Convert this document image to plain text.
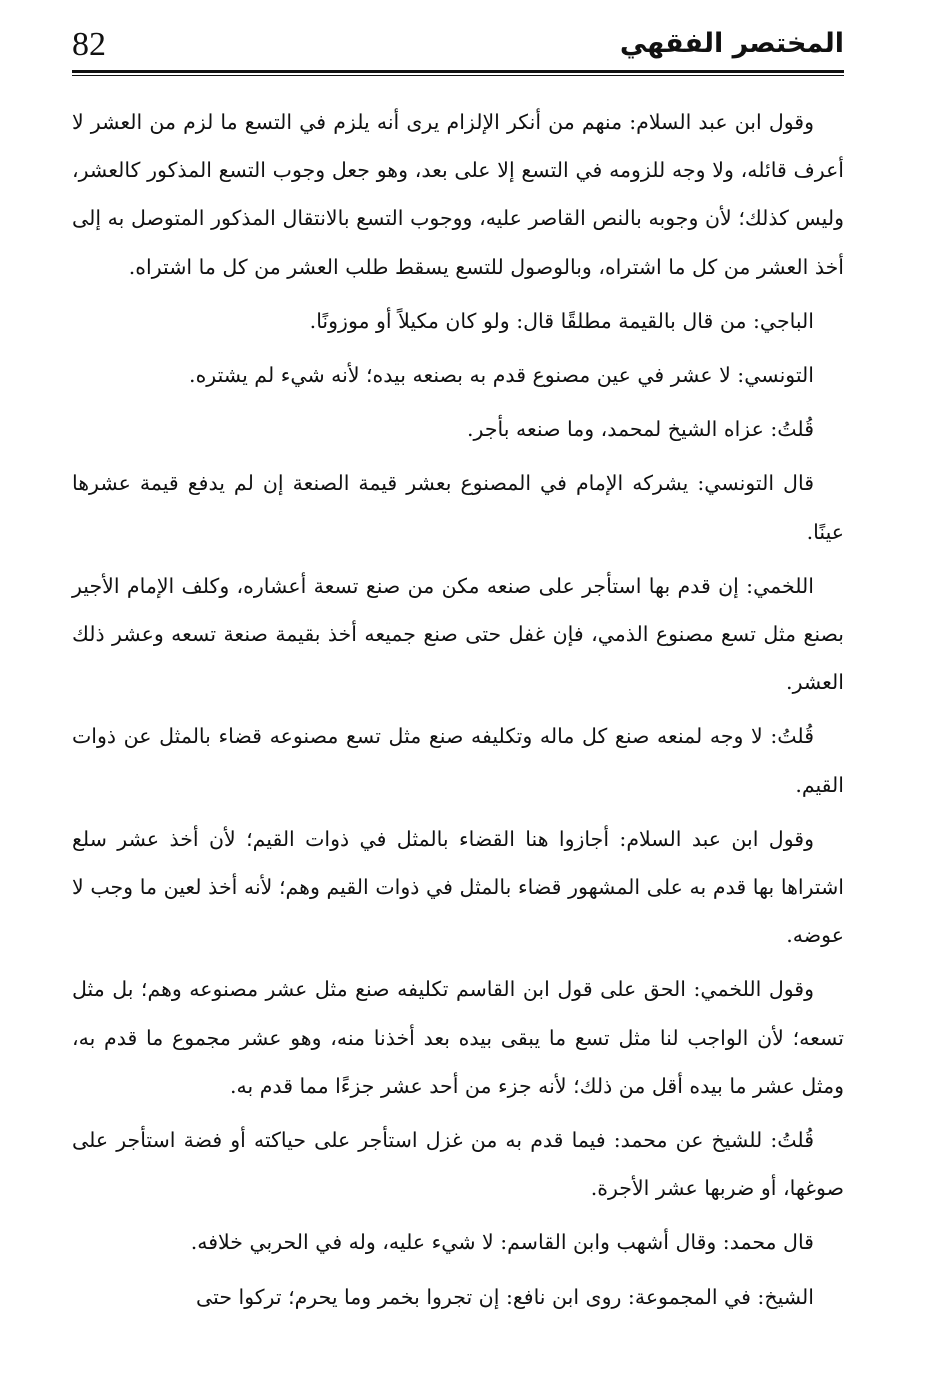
82	المختصر الفقهي

وقول ابن عبد السلام: منهم من أنكر الإلزام يرى أنه يلزم في التسع ما لزم من العشر لا أعرف قائله، ولا وجه للزومه في التسع إلا على بعد، وهو جعل وجوب التسع المذكور كالعشر، وليس كذلك؛ لأن وجوبه بالنص القاصر عليه، ووجوب التسع بالانتقال المذكور المتوصل به إلى أخذ العشر من كل ما اشتراه، وبالوصول للتسع يسقط طلب العشر من كل ما اشتراه.

الباجي: من قال بالقيمة مطلقًا قال: ولو كان مكيلاً أو موزونًا.

التونسي: لا عشر في عين مصنوع قدم به بصنعه بيده؛ لأنه شيء لم يشتره.

قُلتُ: عزاه الشيخ لمحمد، وما صنعه بأجر.

قال التونسي: يشركه الإمام في المصنوع بعشر قيمة الصنعة إن لم يدفع قيمة عشرها عينًا.

اللخمي: إن قدم بها استأجر على صنعه مكن من صنع تسعة أعشاره، وكلف الإمام الأجير بصنع مثل تسع مصنوع الذمي، فإن غفل حتى صنع جميعه أخذ بقيمة صنعة تسعه وعشر ذلك العشر.

قُلتُ: لا وجه لمنعه صنع كل ماله وتكليفه صنع مثل تسع مصنوعه قضاء بالمثل عن ذوات القيم.

وقول ابن عبد السلام: أجازوا هنا القضاء بالمثل في ذوات القيم؛ لأن أخذ عشر سلع اشتراها بها قدم به على المشهور قضاء بالمثل في ذوات القيم وهم؛ لأنه أخذ لعين ما وجب لا عوضه.

وقول اللخمي: الحق على قول ابن القاسم تكليفه صنع مثل عشر مصنوعه وهم؛ بل مثل تسعه؛ لأن الواجب لنا مثل تسع ما يبقى بيده بعد أخذنا منه، وهو عشر مجموع ما قدم به، ومثل عشر ما بيده أقل من ذلك؛ لأنه جزء من أحد عشر جزءًا مما قدم به.

قُلتُ: للشيخ عن محمد: فيما قدم به من غزل استأجر على حياكته أو فضة استأجر على صوغها، أو ضربها عشر الأجرة.

قال محمد: وقال أشهب وابن القاسم: لا شيء عليه، وله في الحربي خلافه.

الشيخ: في المجموعة: روى ابن نافع: إن تجروا بخمر وما يحرم؛ تركوا حتى
